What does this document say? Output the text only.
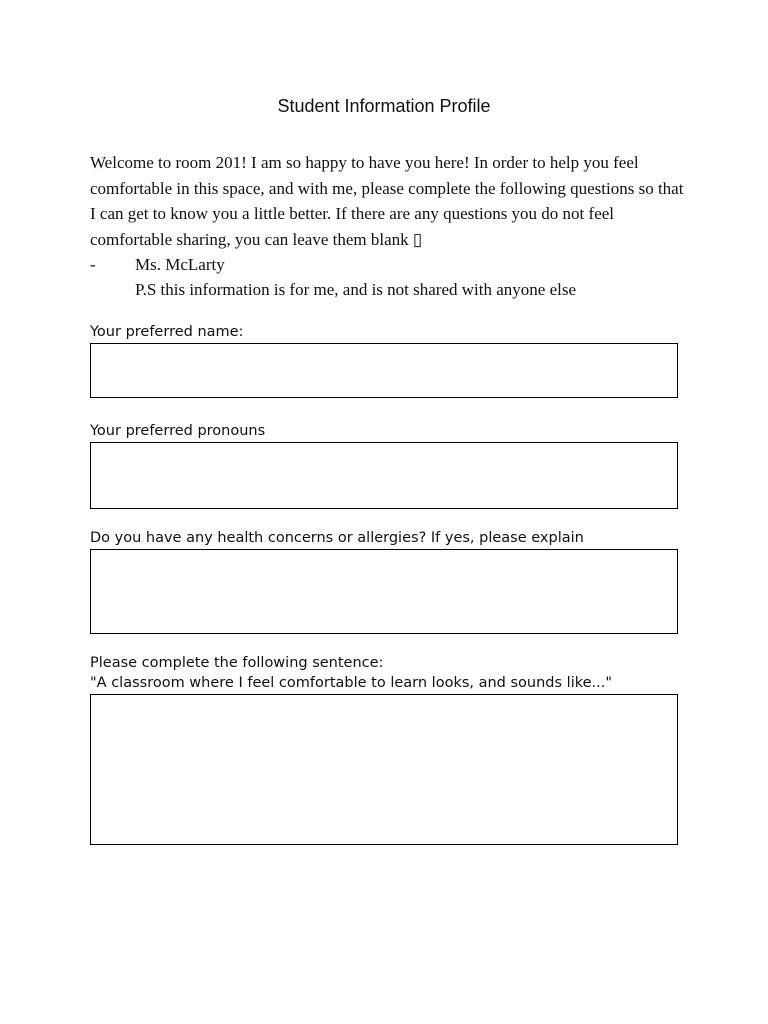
Student Information Profile

Welcome to room 201! I am so happy to have you here! In order to help you feel comfortable in this space, and with me, please complete the following questions so that I can get to know you a little better. If there are any questions you do not feel comfortable sharing, you can leave them blank ▯

- Ms. McLarty
P.S this information is for me, and is not shared with anyone else
Your preferred name:
Your preferred pronouns
Do you have any health concerns or allergies? If yes, please explain
Please complete the following sentence:
"A classroom where I feel comfortable to learn looks, and sounds like..."
